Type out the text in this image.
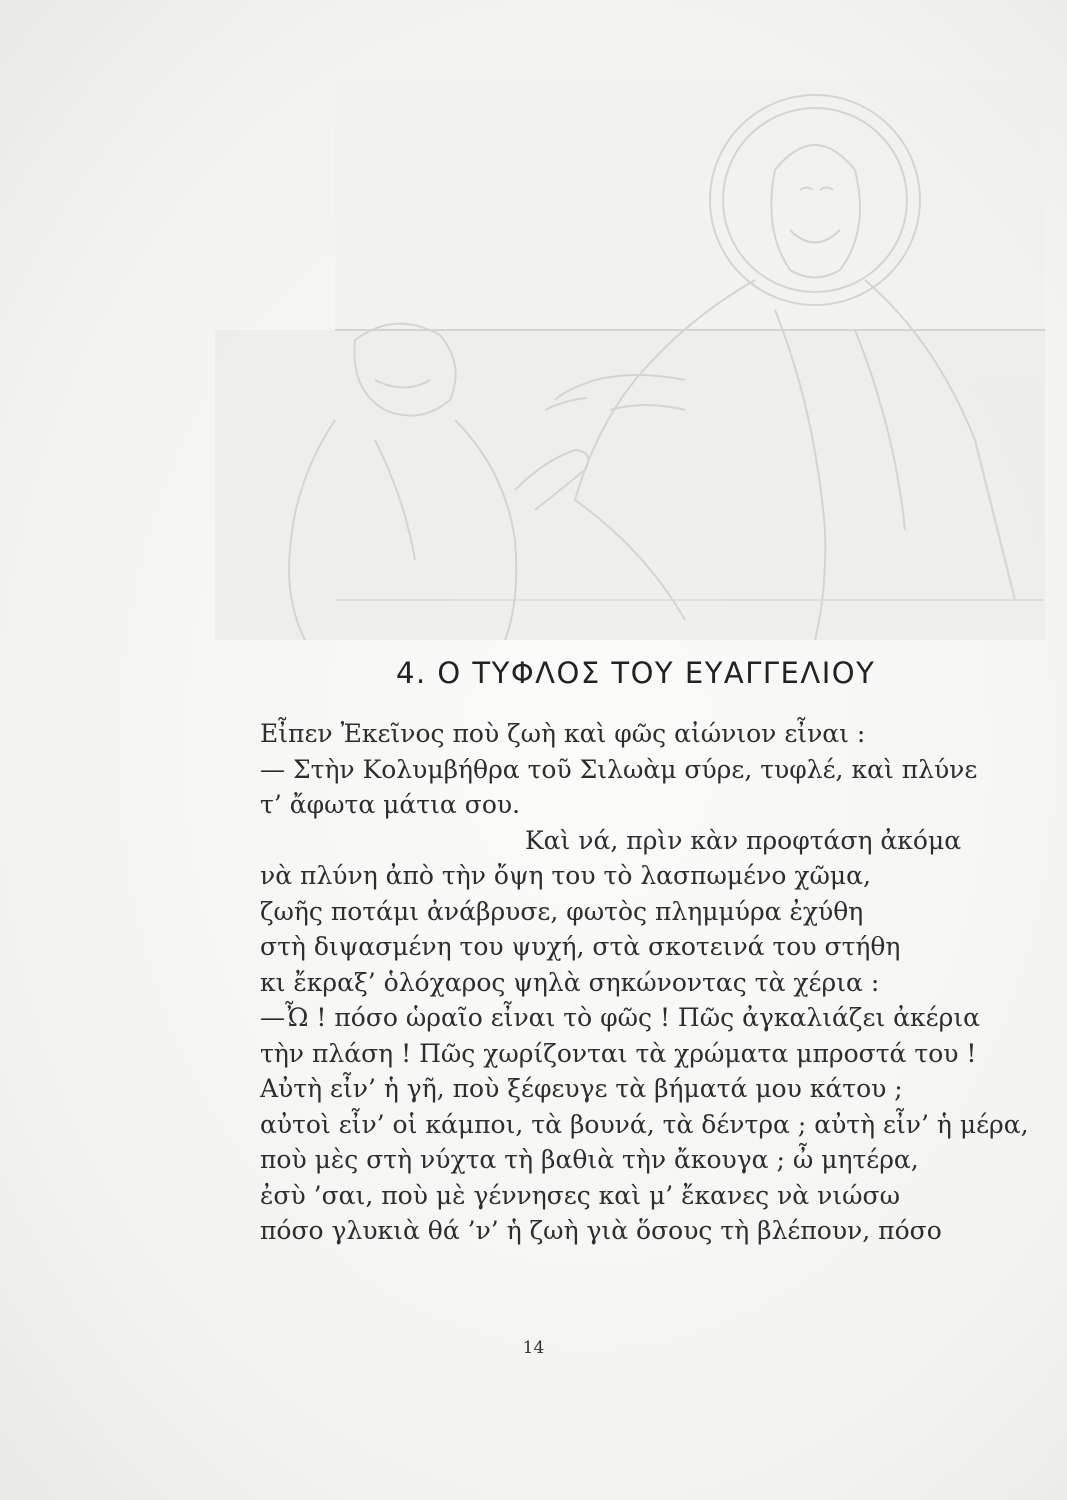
4. Ο ΤΥΦΛΟΣ ΤΟΥ ΕΥΑΓΓΕΛΙΟΥ
Εἶπεν Ἐκεῖνος ποὺ ζωὴ καὶ φῶς αἰώνιον εἶναι :
— Στὴν Κολυμβήθρα τοῦ Σιλωὰμ σύρε, τυφλέ, καὶ πλύνε
τ’ ἄφωτα μάτια σου.
Καὶ νά, πρὶν κὰν προφτάση ἀκόμα
νὰ πλύνη ἀπὸ τὴν ὄψη του τὸ λασπωμένο χῶμα,
ζωῆς ποτάμι ἀνάβρυσε, φωτὸς πλημμύρα ἐχύθη
στὴ διψασμένη του ψυχή, στὰ σκοτεινά του στήθη
κι ἔκραξ’ ὁλόχαρος ψηλὰ σηκώνοντας τὰ χέρια :
—Ὦ ! πόσο ὡραῖο εἶναι τὸ φῶς ! Πῶς ἀγκαλιάζει ἀκέρια
τὴν πλάση ! Πῶς χωρίζονται τὰ χρώματα μπροστά του !
Αὐτὴ εἶν’ ἡ γῆ, ποὺ ξέφευγε τὰ βήματά μου κάτου ;
αὐτοὶ εἶν’ οἱ κάμποι, τὰ βουνά, τὰ δέντρα ; αὐτὴ εἶν’ ἡ μέρα,
ποὺ μὲς στὴ νύχτα τὴ βαθιὰ τὴν ἄκουγα ; ὦ μητέρα,
ἐσὺ ’σαι, ποὺ μὲ γέννησες καὶ μ’ ἔκανες νὰ νιώσω
πόσο γλυκιὰ θά ’ν’ ἡ ζωὴ γιὰ ὅσους τὴ βλέπουν, πόσο
14
